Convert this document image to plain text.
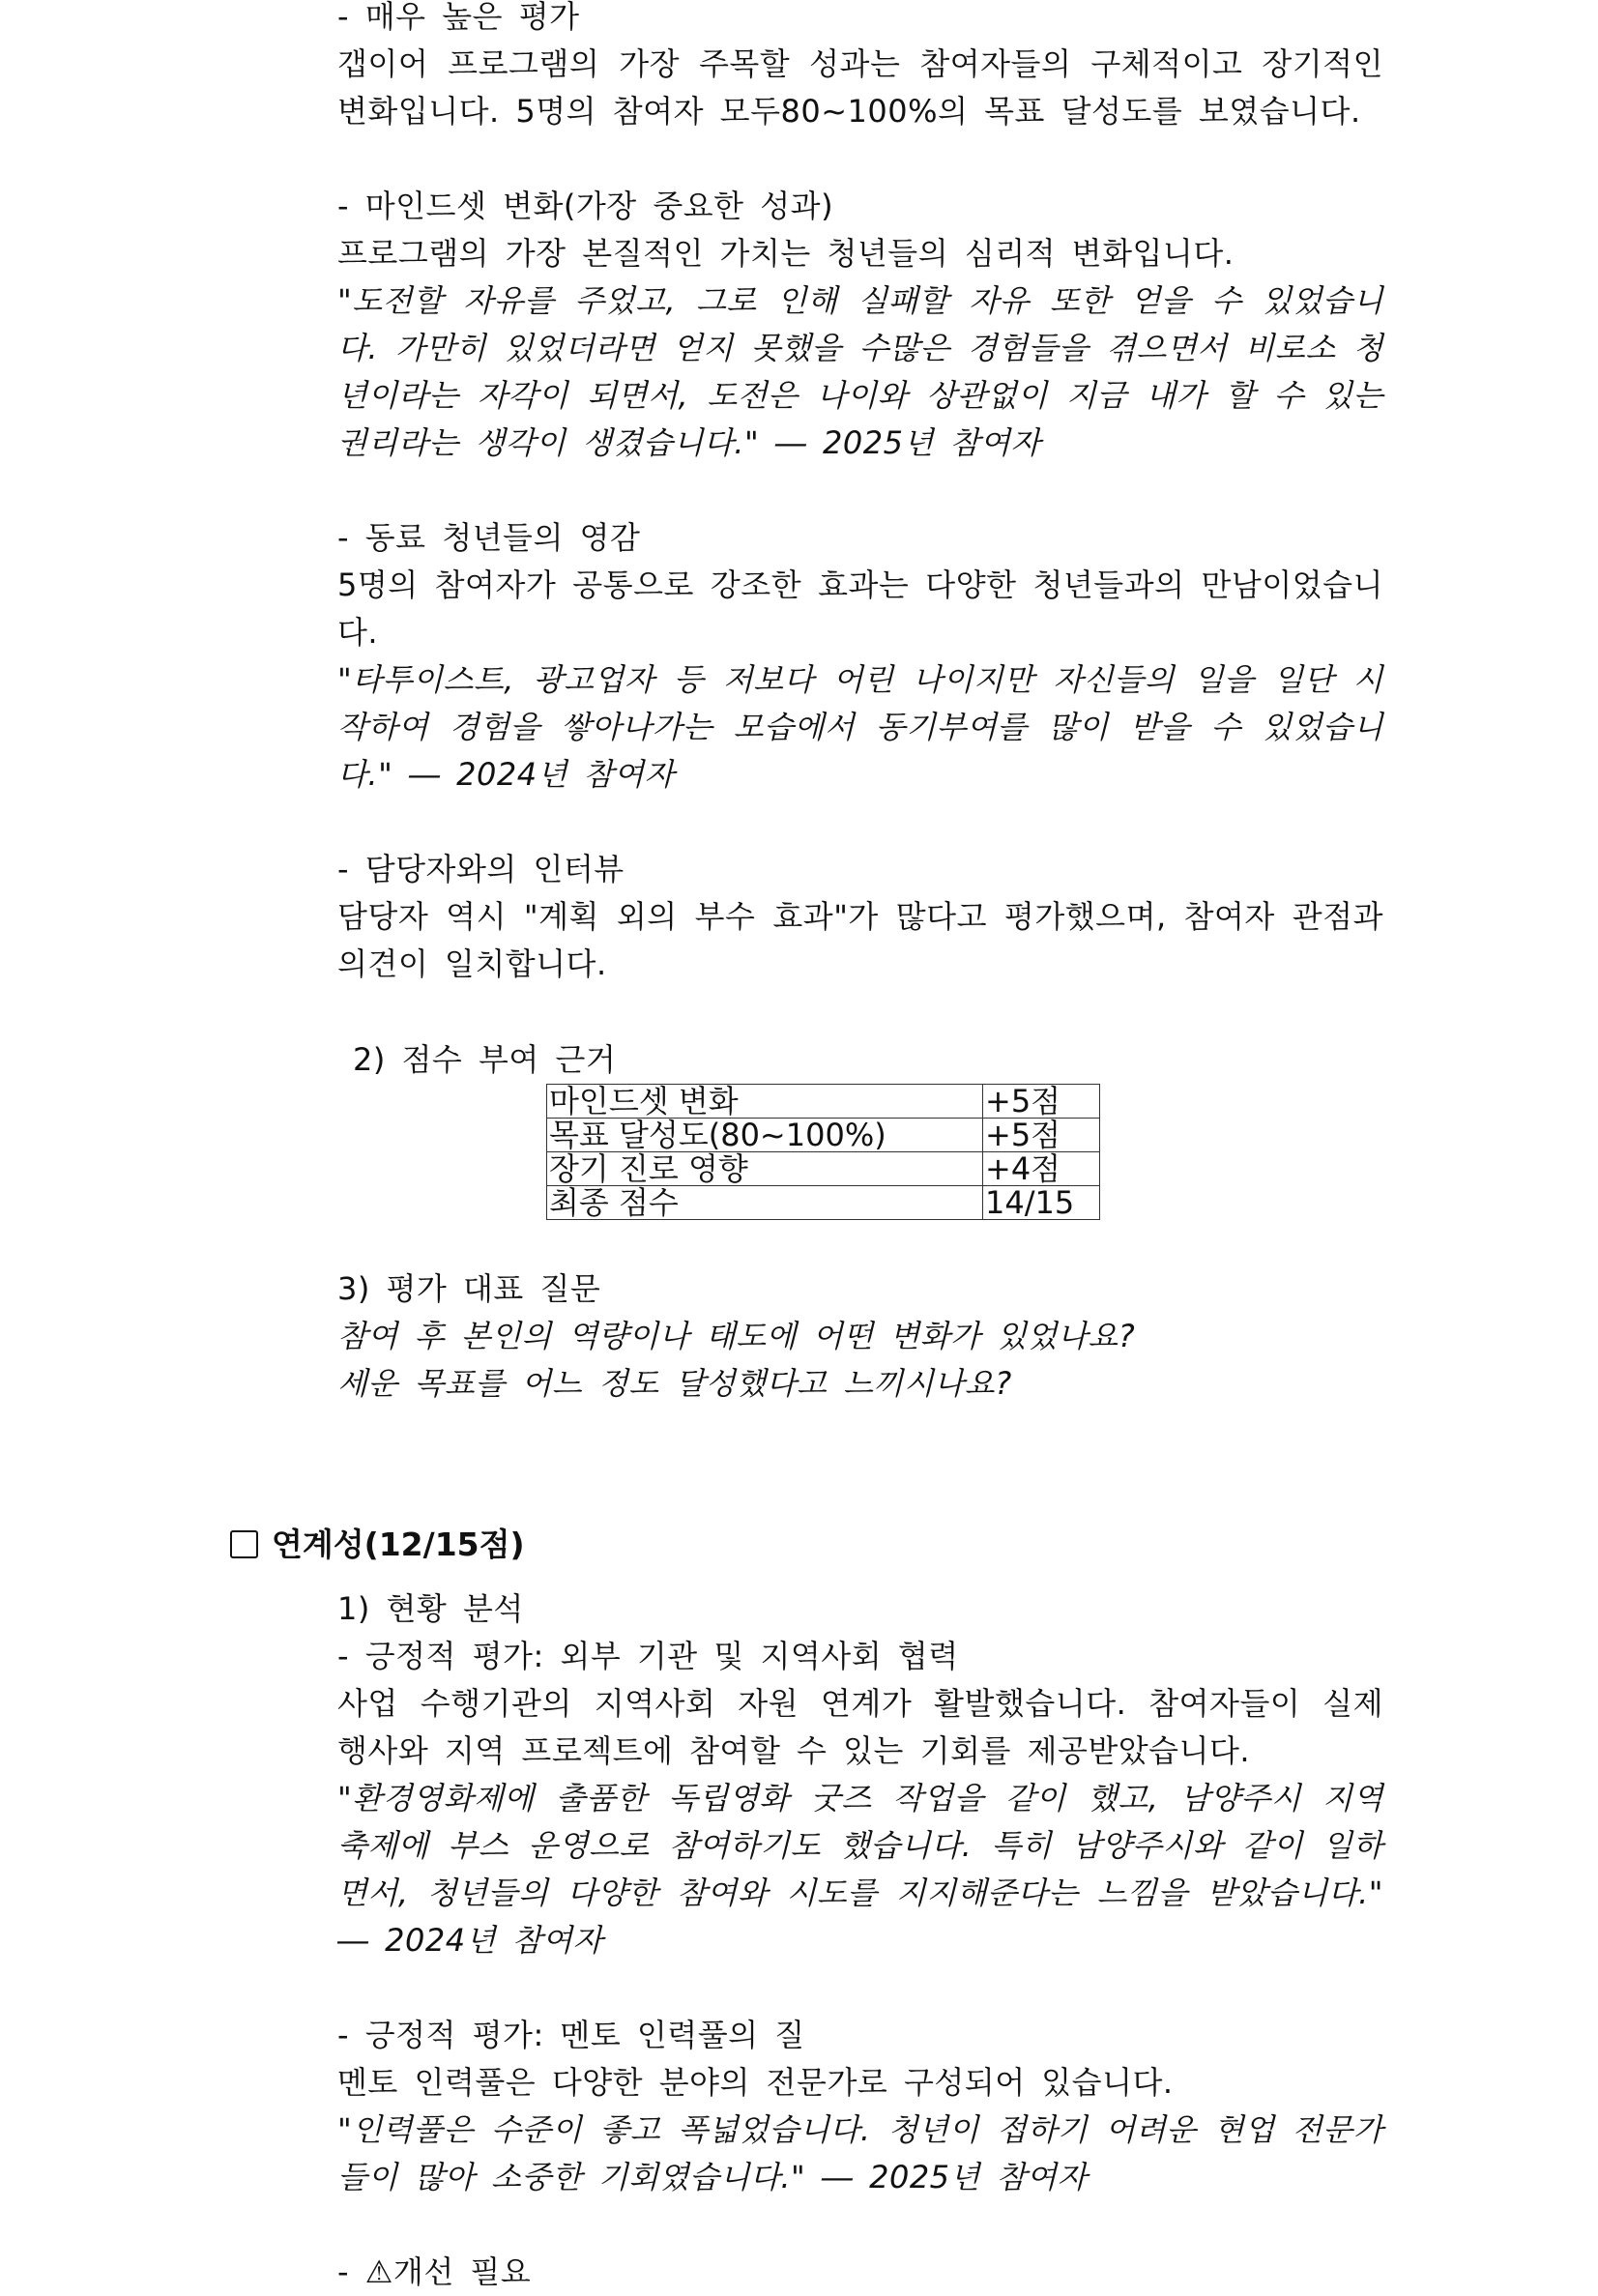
- 매우 높은 평가

갭이어 프로그램의 가장 주목할 성과는 참여자들의 구체적이고 장기적인 변화입니다. 5명의 참여자 모두80~100%의 목표 달성도를 보였습니다.

- 마인드셋 변화(가장 중요한 성과)

프로그램의 가장 본질적인 가치는 청년들의 심리적 변화입니다.

"도전할 자유를 주었고, 그로 인해 실패할 자유 또한 얻을 수 있었습니다. 가만히 있었더라면 얻지 못했을 수많은 경험들을 겪으면서 비로소 청년이라는 자각이 되면서, 도전은 나이와 상관없이 지금 내가 할 수 있는 권리라는 생각이 생겼습니다." ― 2025년 참여자

- 동료 청년들의 영감

5명의 참여자가 공통으로 강조한 효과는 다양한 청년들과의 만남이었습니다.

"타투이스트, 광고업자 등 저보다 어린 나이지만 자신들의 일을 일단 시작하여 경험을 쌓아나가는 모습에서 동기부여를 많이 받을 수 있었습니다." ― 2024년 참여자

- 담당자와의 인터뷰

담당자 역시 "계획 외의 부수 효과"가 많다고 평가했으며, 참여자 관점과 의견이 일치합니다.

2) 점수 부여 근거

마인드셋 변화	+5점
목표 달성도(80~100%)	+5점
장기 진로 영향	+4점
최종 점수	14/15

3) 평가 대표 질문

참여 후 본인의 역량이나 태도에 어떤 변화가 있었나요?

세운 목표를 어느 정도 달성했다고 느끼시나요?

연계성(12/15점)

1) 현황 분석

- 긍정적 평가: 외부 기관 및 지역사회 협력

사업 수행기관의 지역사회 자원 연계가 활발했습니다. 참여자들이 실제 행사와 지역 프로젝트에 참여할 수 있는 기회를 제공받았습니다.

"환경영화제에 출품한 독립영화 굿즈 작업을 같이 했고, 남양주시 지역 축제에 부스 운영으로 참여하기도 했습니다. 특히 남양주시와 같이 일하면서, 청년들의 다양한 참여와 시도를 지지해준다는 느낌을 받았습니다." ― 2024년 참여자

- 긍정적 평가: 멘토 인력풀의 질

멘토 인력풀은 다양한 분야의 전문가로 구성되어 있습니다.

"인력풀은 수준이 좋고 폭넓었습니다. 청년이 접하기 어려운 현업 전문가들이 많아 소중한 기회였습니다." ― 2025년 참여자

- ⚠개선 필요
